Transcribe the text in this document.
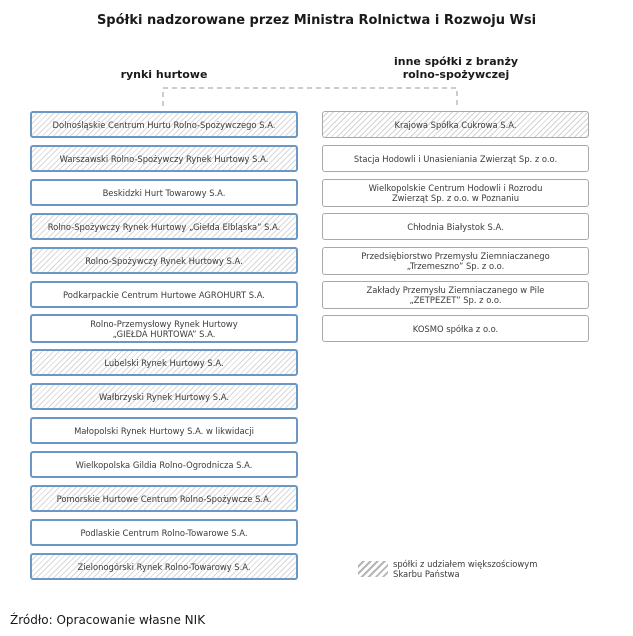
Spółki nadzorowane przez Ministra Rolnictwa i Rozwoju Wsi
rynki hurtowe
inne spółki z branży
rolno-spożywczej
Dolnośląskie Centrum Hurtu Rolno-Spożywczego S.A.
Warszawski Rolno-Spożywczy Rynek Hurtowy S.A.
Beskidzki Hurt Towarowy S.A.
Rolno-Spożywczy Rynek Hurtowy „Giełda Elbląska” S.A.
Rolno-Spożywczy Rynek Hurtowy S.A.
Podkarpackie Centrum Hurtowe AGROHURT S.A.
Rolno-Przemysłowy Rynek Hurtowy
„GIEŁDA HURTOWA” S.A.
Lubelski Rynek Hurtowy S.A.
Wałbrzyski Rynek Hurtowy S.A.
Małopolski Rynek Hurtowy S.A. w likwidacji
Wielkopolska Gildia Rolno-Ogrodnicza S.A.
Pomorskie Hurtowe Centrum Rolno-Spożywcze S.A.
Podlaskie Centrum Rolno-Towarowe S.A.
Zielonogórski Rynek Rolno-Towarowy S.A.
Krajowa Spółka Cukrowa S.A.
Stacja Hodowli i Unasieniania Zwierząt Sp. z o.o.
Wielkopolskie Centrum Hodowli i Rozrodu
Zwierząt Sp. z o.o. w Poznaniu
Chłodnia Białystok S.A.
Przedsiębiorstwo Przemysłu Ziemniaczanego
„Trzemeszno” Sp. z o.o.
Zakłady Przemysłu Ziemniaczanego w Pile
„ZETPEZET” Sp. z o.o.
KOSMO spółka z o.o.
spółki z udziałem większościowym
Skarbu Państwa
Źródło: Opracowanie własne NIK
